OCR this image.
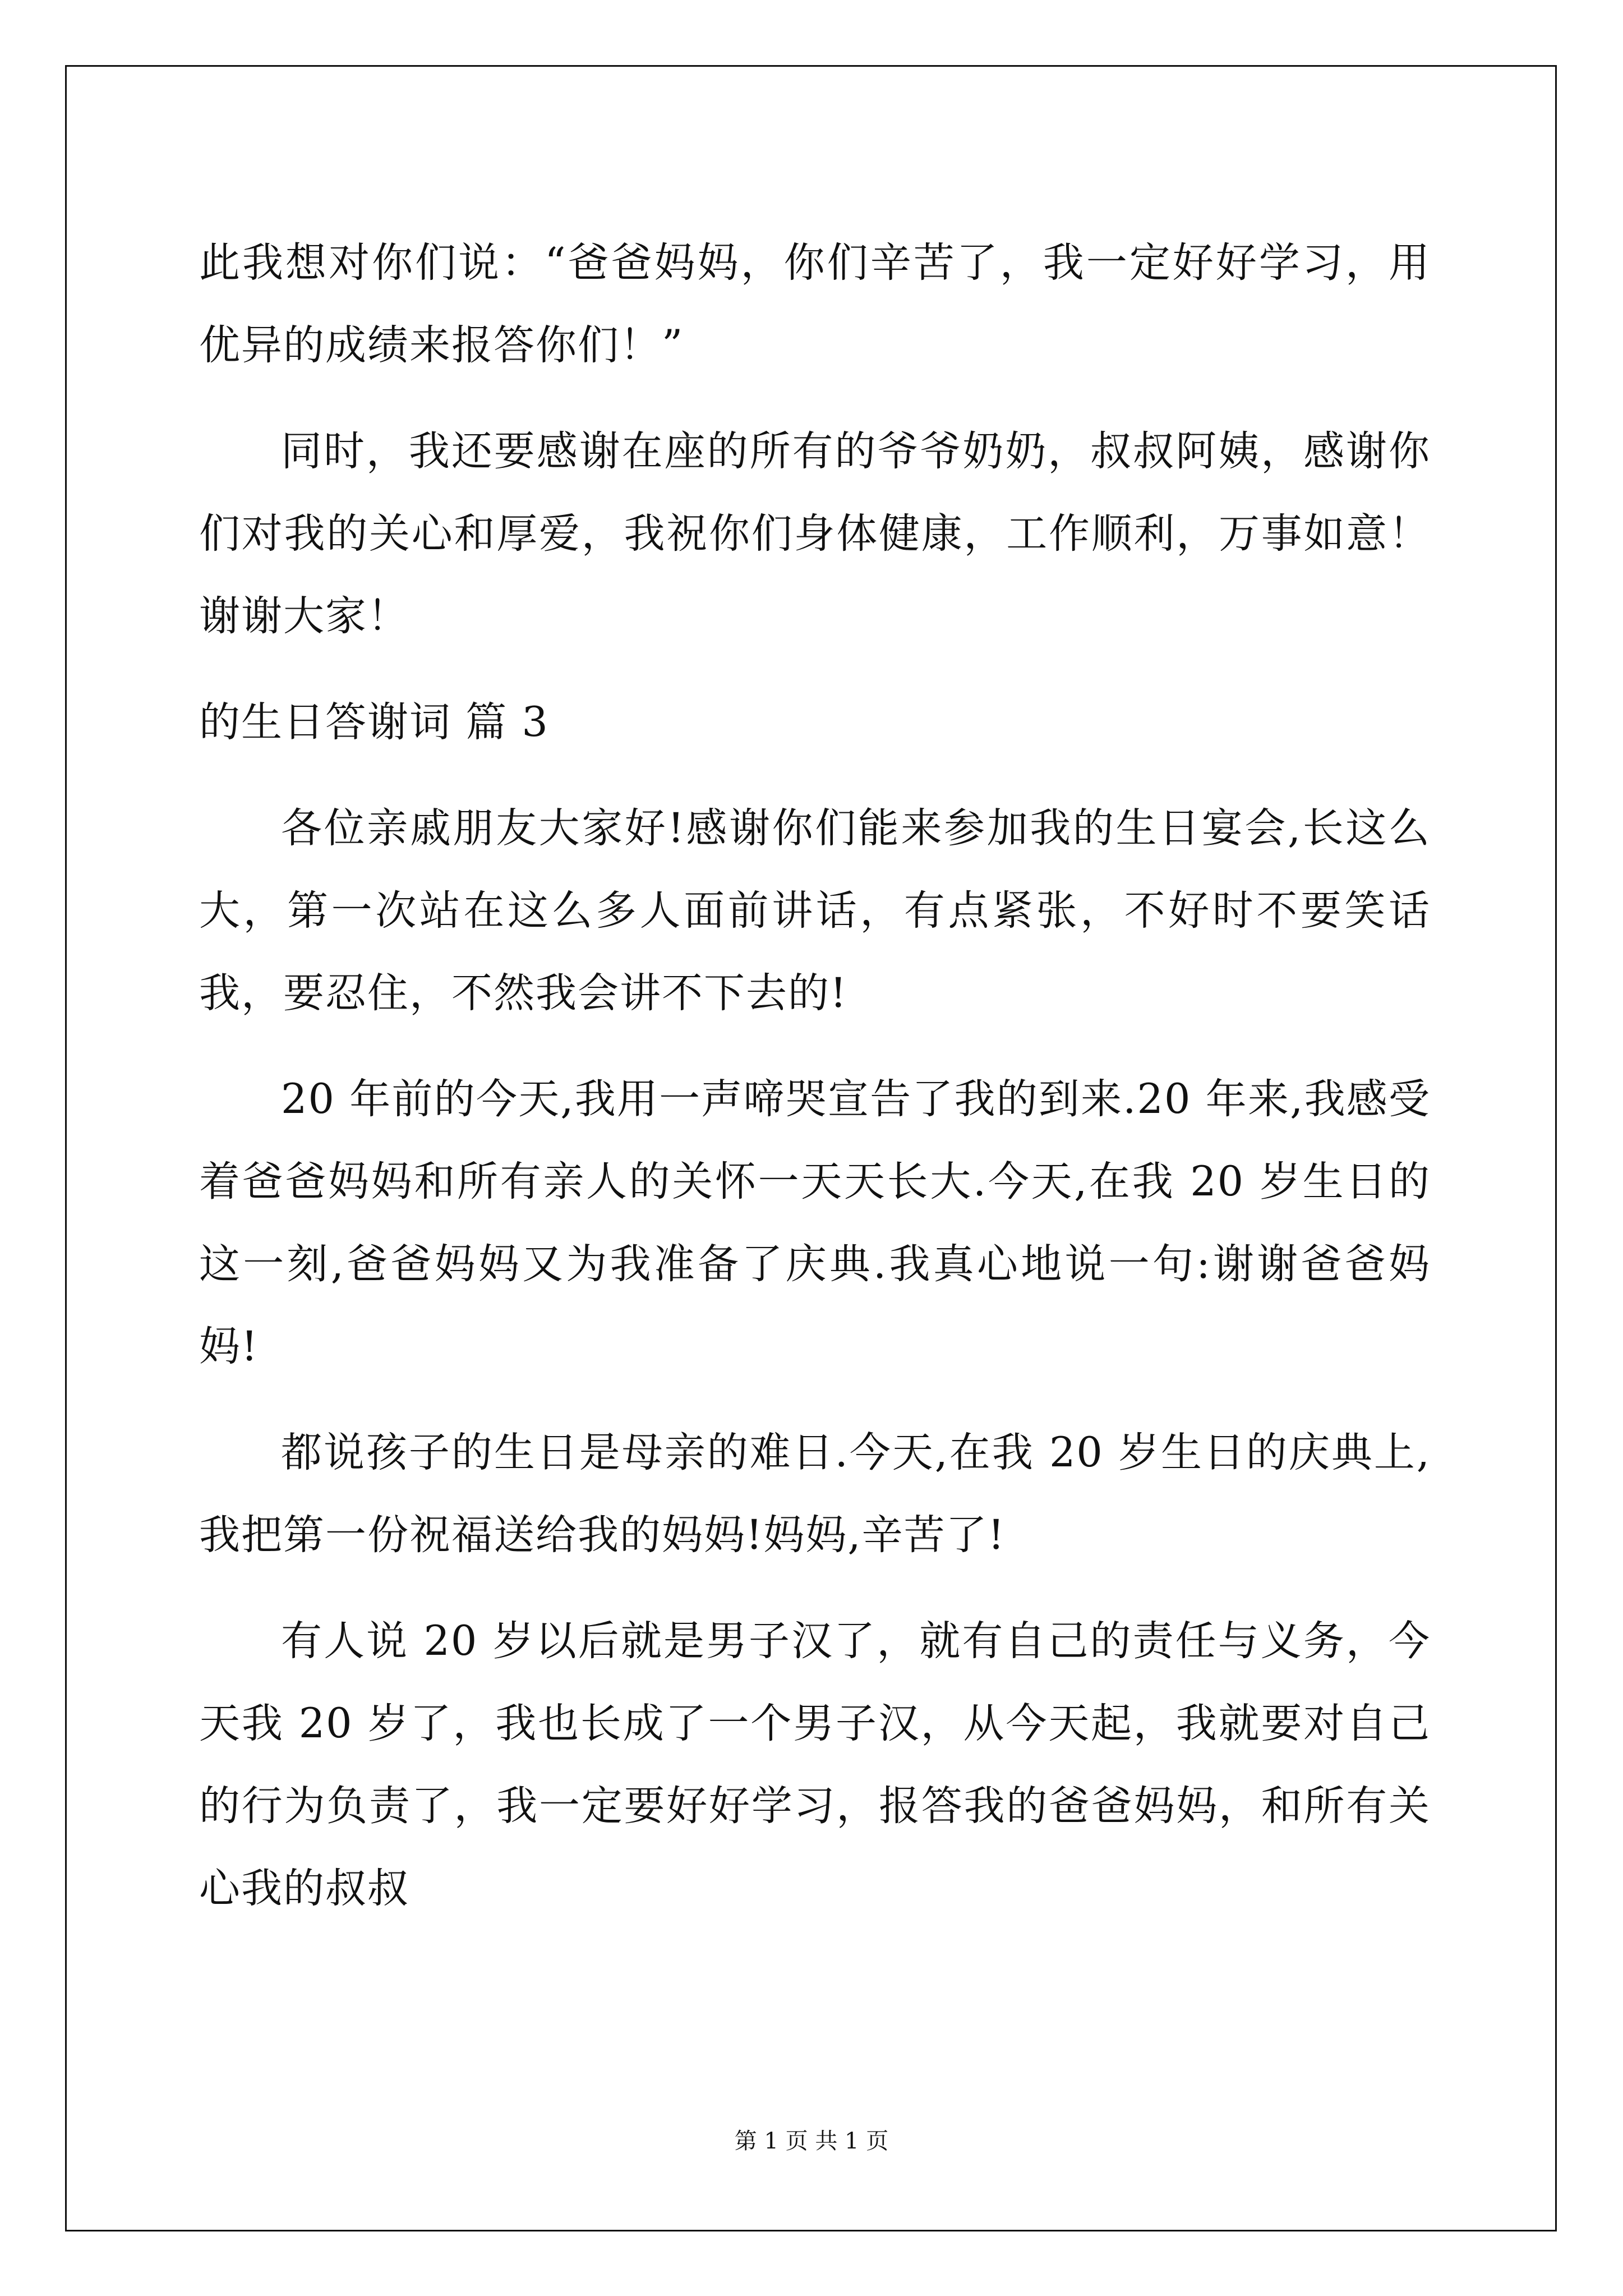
此我想对你们说：“爸爸妈妈，你们辛苦了，我一定好好学习，用优异的成绩来报答你们！”

同时，我还要感谢在座的所有的爷爷奶奶，叔叔阿姨，感谢你们对我的关心和厚爱，我祝你们身体健康，工作顺利，万事如意！谢谢大家！

的生日答谢词 篇 3

各位亲戚朋友大家好!感谢你们能来参加我的生日宴会,长这么大，第一次站在这么多人面前讲话，有点紧张，不好时不要笑话我，要忍住，不然我会讲不下去的!

20 年前的今天,我用一声啼哭宣告了我的到来.20 年来,我感受着爸爸妈妈和所有亲人的关怀一天天长大.今天,在我 20 岁生日的这一刻,爸爸妈妈又为我准备了庆典.我真心地说一句:谢谢爸爸妈妈!

都说孩子的生日是母亲的难日.今天,在我 20 岁生日的庆典上,我把第一份祝福送给我的妈妈!妈妈,辛苦了!

有人说 20 岁以后就是男子汉了，就有自己的责任与义务，今天我 20 岁了，我也长成了一个男子汉，从今天起，我就要对自己的行为负责了，我一定要好好学习，报答我的爸爸妈妈，和所有关心我的叔叔

第 1 页 共 1 页
